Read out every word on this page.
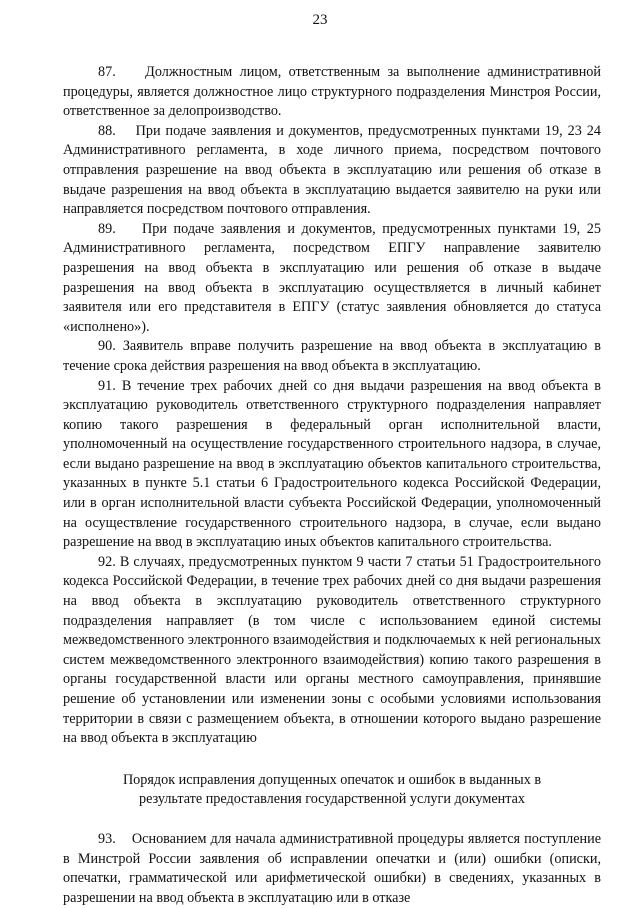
23

87.    Должностным лицом, ответственным за выполнение административной процедуры, является должностное лицо структурного подразделения Минстроя России, ответственное за делопроизводство.

88.    При подаче заявления и документов, предусмотренных пунктами 19, 23 24 Административного регламента, в ходе личного приема, посредством почтового отправления разрешение на ввод объекта в эксплуатацию или решения об отказе в выдаче разрешения на ввод объекта в эксплуатацию выдается заявителю на руки или направляется посредством почтового отправления.

89.    При подаче заявления и документов, предусмотренных пунктами 19, 25 Административного регламента, посредством ЕПГУ направление заявителю разрешения на ввод объекта в эксплуатацию или решения об отказе в выдаче разрешения на ввод объекта в эксплуатацию осуществляется в личный кабинет заявителя или его представителя в ЕПГУ (статус заявления обновляется до статуса «исполнено»).

90. Заявитель вправе получить разрешение на ввод объекта в эксплуатацию в течение срока действия разрешения на ввод объекта в эксплуатацию.

91. В течение трех рабочих дней со дня выдачи разрешения на ввод объекта в эксплуатацию руководитель ответственного структурного подразделения направляет копию такого разрешения в федеральный орган исполнительной власти, уполномоченный на осуществление государственного строительного надзора, в случае, если выдано разрешение на ввод в эксплуатацию объектов капитального строительства, указанных в пункте 5.1 статьи 6 Градостроительного кодекса Российской Федерации, или в орган исполнительной власти субъекта Российской Федерации, уполномоченный на осуществление государственного строительного надзора, в случае, если выдано разрешение на ввод в эксплуатацию иных объектов капитального строительства.

92. В случаях, предусмотренных пунктом 9 части 7 статьи 51 Градостроительного кодекса Российской Федерации, в течение трех рабочих дней со дня выдачи разрешения на ввод объекта в эксплуатацию руководитель ответственного структурного подразделения направляет (в том числе с использованием единой системы межведомственного электронного взаимодействия и подключаемых к ней региональных систем межведомственного электронного взаимодействия) копию такого разрешения в органы государственной власти или органы местного самоуправления, принявшие решение об установлении или изменении зоны с особыми условиями использования территории в связи с размещением объекта, в отношении которого выдано разрешение на ввод объекта в эксплуатацию

Порядок исправления допущенных опечаток и ошибок в выданных в результате предоставления государственной услуги документах

93.    Основанием для начала административной процедуры является поступление в Минстрой России заявления об исправлении опечатки и (или) ошибки (описки, опечатки, грамматической или арифметической ошибки) в сведениях, указанных в разрешении на ввод объекта в эксплуатацию или в отказе
